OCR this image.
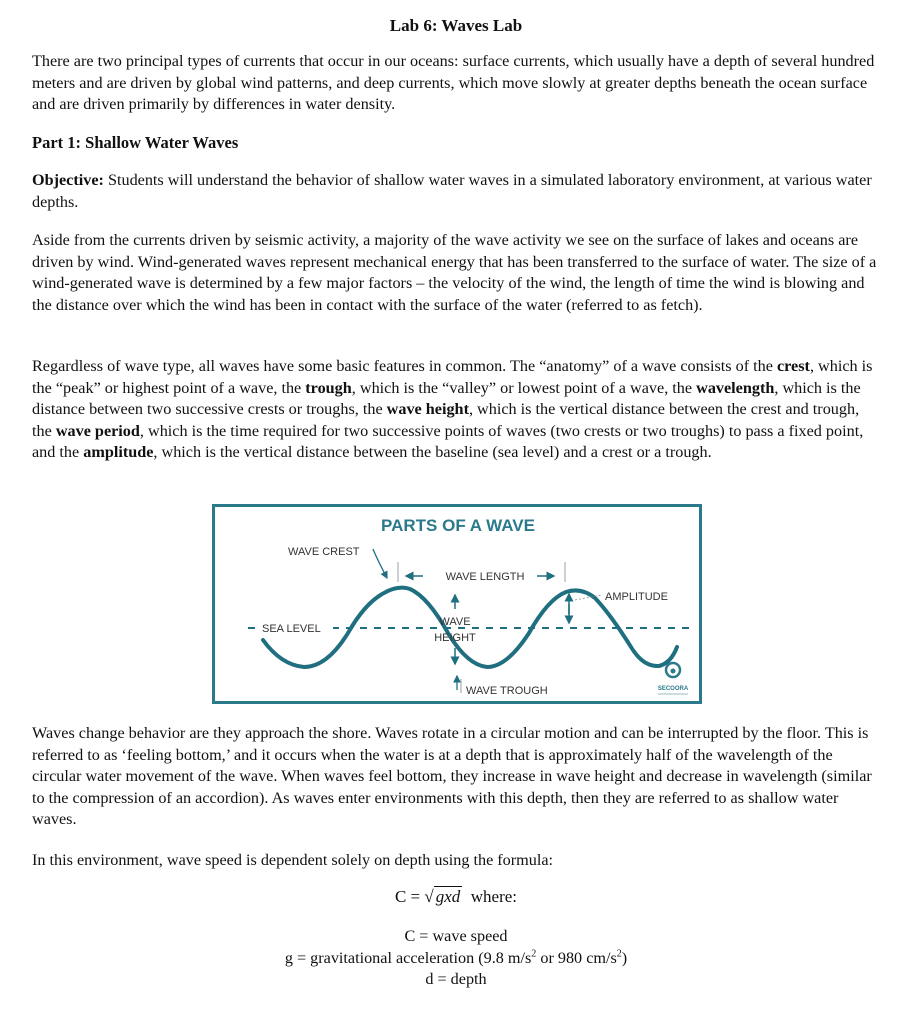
Lab 6: Waves Lab

There are two principal types of currents that occur in our oceans: surface currents, which usually have a depth of several hundred meters and are driven by global wind patterns, and deep currents, which move slowly at greater depths beneath the ocean surface and are driven primarily by differences in water density.

Part 1: Shallow Water Waves

Objective: Students will understand the behavior of shallow water waves in a simulated laboratory environment, at various water depths.

Aside from the currents driven by seismic activity, a majority of the wave activity we see on the surface of lakes and oceans are driven by wind. Wind-generated waves represent mechanical energy that has been transferred to the surface of water. The size of a wind-generated wave is determined by a few major factors – the velocity of the wind, the length of time the wind is blowing and the distance over which the wind has been in contact with the surface of the water (referred to as fetch).

Regardless of wave type, all waves have some basic features in common. The “anatomy” of a wave consists of the crest, which is the “peak” or highest point of a wave, the trough, which is the “valley” or lowest point of a wave, the wavelength, which is the distance between two successive crests or troughs, the wave height, which is the vertical distance between the crest and trough, the wave period, which is the time required for two successive points of waves (two crests or two troughs) to pass a fixed point, and the amplitude, which is the vertical distance between the baseline (sea level) and a crest or a trough.

PARTS OF A WAVE
WAVE CREST
WAVE LENGTH
WAVE
HEIGHT
AMPLITUDE
SEA LEVEL
WAVE TROUGH	SECOORA

Waves change behavior are they approach the shore. Waves rotate in a circular motion and can be interrupted by the floor. This is referred to as ‘feeling bottom,’ and it occurs when the water is at a depth that is approximately half of the wavelength of the circular water movement of the wave. When waves feel bottom, they increase in wave height and decrease in wavelength (similar to the compression of an accordion). As waves enter environments with this depth, then they are referred to as shallow water waves.

In this environment, wave speed is dependent solely on depth using the formula:

C = √ gxd where:
C = wave speed
g = gravitational acceleration (9.8 $m/s^2$ or 980 $cm/s^2$)
d = depth
